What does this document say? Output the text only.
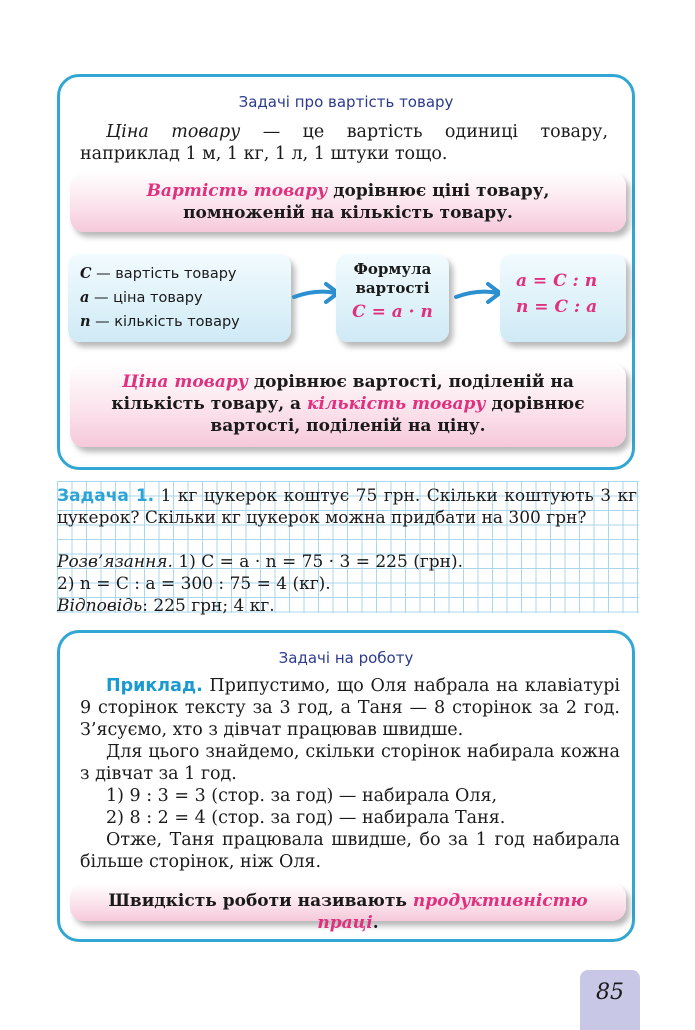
Задачі про вартість товару
Ціна товару — це вартість одиниці товару, наприклад 1 м, 1 кг, 1 л, 1 штуки тощо.
Вартість товару дорівнює ціні товару, помноженій на кількість товару.
C — вартість товару
a — ціна товару
n — кількість товару
Формула вартості
C = a · n
a = C : n
n = C : a
Ціна товару дорівнює вартості, поділеній на кількість товару, а кількість товару дорівнює вартості, поділеній на ціну.
Задача 1. 1 кг цукерок коштує 75 грн. Скільки коштують 3 кг цукерок? Скільки кг цукерок можна придбати на 300 грн?
Розв’язання. 1) C = a · n = 75 · 3 = 225 (грн).
2) n = C : a = 300 : 75 = 4 (кг).
Відповідь: 225 грн; 4 кг.
Задачі на роботу
Приклад. Припустимо, що Оля набрала на клавіатурі 9 сторінок тексту за 3 год, а Таня — 8 сторінок за 2 год. З’ясуємо, хто з дівчат працював швидше.
Для цього знайдемо, скільки сторінок набирала кожна з дівчат за 1 год.
1) 9 : 3 = 3 (стор. за год) — набирала Оля,
2) 8 : 2 = 4 (стор. за год) — набирала Таня.
Отже, Таня працювала швидше, бо за 1 год набирала більше сторінок, ніж Оля.
Швидкість роботи називають продуктивністю праці.
85
